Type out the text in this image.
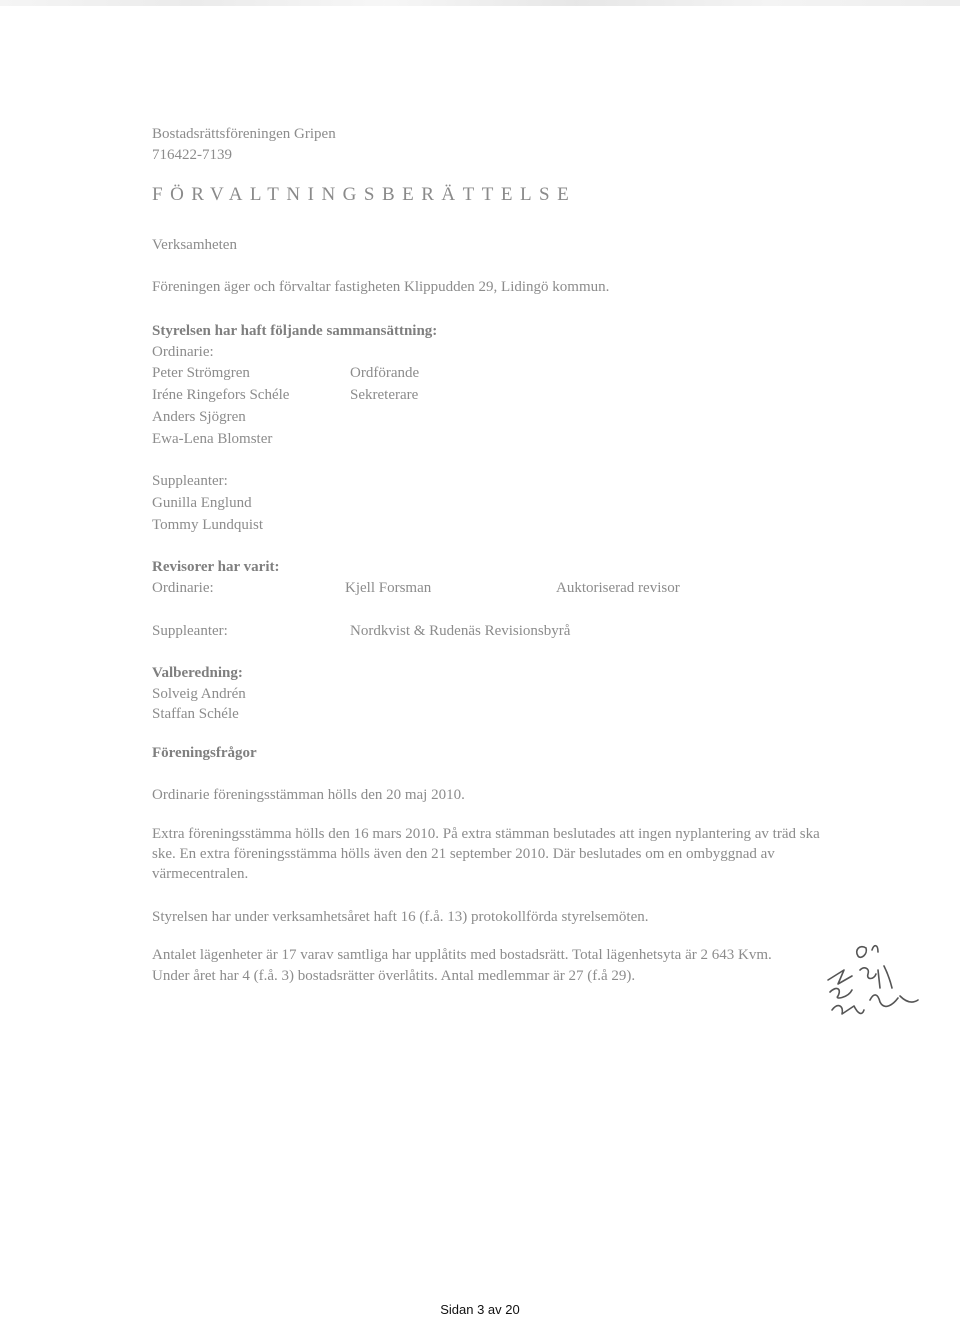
Bostadsrättsföreningen Gripen
716422-7139
FÖRVALTNINGSBERÄTTELSE
Verksamheten
Föreningen äger och förvaltar fastigheten Klippudden 29, Lidingö kommun.
Styrelsen har haft följande sammansättning:
Ordinarie:
Peter Strömgren	Ordförande
Iréne Ringefors Schéle	Sekreterare
Anders Sjögren
Ewa-Lena Blomster
Suppleanter:
Gunilla Englund
Tommy Lundquist
Revisorer har varit:
Ordinarie:	Kjell Forsman	Auktoriserad revisor
Suppleanter:	Nordkvist & Rudenäs Revisionsbyrå
Valberedning:
Solveig Andrén
Staffan Schéle
Föreningsfrågor
Ordinarie föreningsstämman hölls den 20 maj 2010.
Extra föreningsstämma hölls den 16 mars 2010. På extra stämman beslutades att ingen nyplantering av träd ska ske. En extra föreningsstämma hölls även den 21 september 2010. Där beslutades om en ombyggnad av värmecentralen.
Styrelsen har under verksamhetsåret haft 16 (f.å. 13) protokollförda styrelsemöten.
Antalet lägenheter är 17 varav samtliga har upplåtits med bostadsrätt. Total lägenhetsyta är 2 643 Kvm.
Under året har 4 (f.å. 3) bostadsrätter överlåtits. Antal medlemmar är 27 (f.å 29).
Sidan 3 av 20
